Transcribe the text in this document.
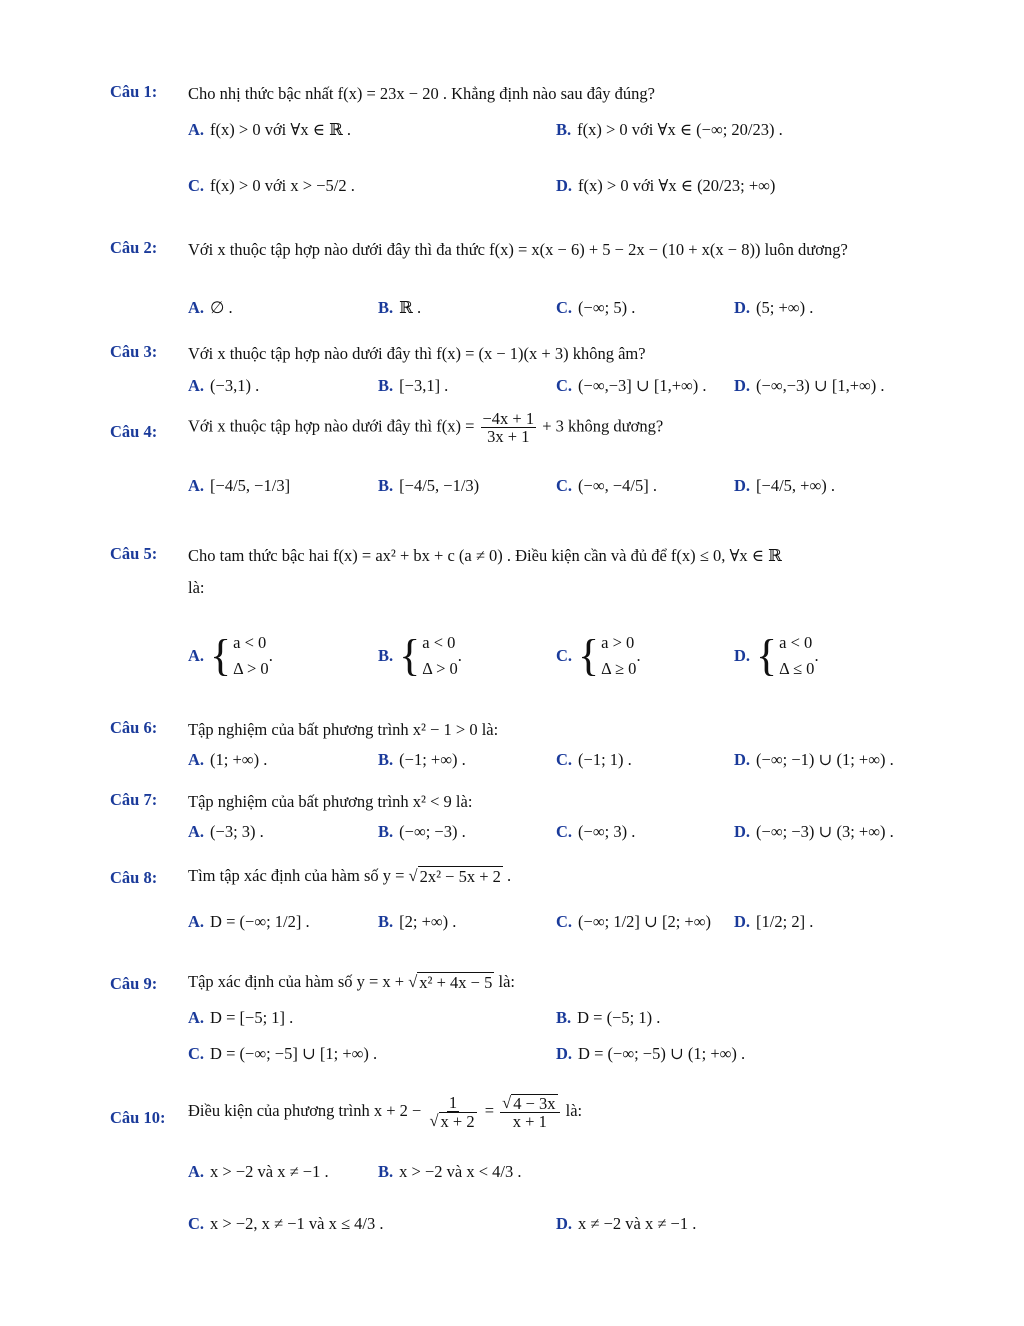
Câu 1: Cho nhị thức bậc nhất f(x) = 23x − 20 . Khẳng định nào sau đây đúng?
A. f(x) > 0 với ∀x ∈ ℝ .	B. f(x) > 0 với ∀x ∈ (−∞; 20/23) .
C. f(x) > 0 với x > −5/2 .	D. f(x) > 0 với ∀x ∈ (20/23; +∞)
Câu 2: Với x thuộc tập hợp nào dưới đây thì đa thức f(x) = x(x − 6) + 5 − 2x − (10 + x(x − 8)) luôn dương?
A. ∅ .	B. ℝ .	C. (−∞; 5) .	D. (5; +∞) .
Câu 3: Với x thuộc tập hợp nào dưới đây thì f(x) = (x − 1)(x + 3) không âm?
A. (−3,1) .	B. [−3,1] .	C. (−∞,−3] ∪ [1,+∞) . D. (−∞,−3) ∪ [1,+∞) .
Câu 4: Với x thuộc tập hợp nào dưới đây thì $f(x) = \frac{-4x + 1}{3x + 1} + 3$ không dương?
A. [−4/5, −1/3]	B. [−4/5, −1/3)	C. (−∞, −4/5] .	D. [−4/5, +∞) .
Câu 5: Cho tam thức bậc hai f(x) = ax² + bx + c (a ≠ 0) . Điều kiện cần và đủ để f(x) ≤ 0, ∀x ∈ ℝ
là:
A. { a < 0
Δ > 0
.	B. { a < 0
Δ > 0
.	C. { a > 0
Δ ≥ 0
.	D. { a < 0
Δ ≤ 0
.
Câu 6: Tập nghiệm của bất phương trình x² − 1 > 0 là:
A. (1; +∞) .	B. (−1; +∞) .	C. (−1; 1) .	D. (−∞; −1) ∪ (1; +∞) .
Câu 7: Tập nghiệm của bất phương trình x² < 9 là:
A. (−3; 3) .	B. (−∞; −3) .	C. (−∞; 3) .	D. (−∞; −3) ∪ (3; +∞) .
Câu 8: Tìm tập xác định của hàm số y = √ 2x² − 5x + 2 .
A. D = (−∞; 1/2] .	B. [2; +∞) .	C. (−∞; 1/2] ∪ [2; +∞) D. [1/2; 2] .
Câu 9: Tập xác định của hàm số y = x + √ x² + 4x − 5 là:
A. D = [−5; 1] .	B. D = (−5; 1) .
C. D = (−∞; −5] ∪ [1; +∞) .	D. D = (−∞; −5) ∪ (1; +∞) .
Câu 10: Điều kiện của phương trình $x + 2 - \frac{1}{√ x + 2} = \frac{√ 4 - 3x}{x + 1}$ là:
A. x > −2 và x ≠ −1 .	B. x > −2 và x < 4/3 .
C. x > −2, x ≠ −1 và x ≤ 4/3 .	D. x ≠ −2 và x ≠ −1 .
